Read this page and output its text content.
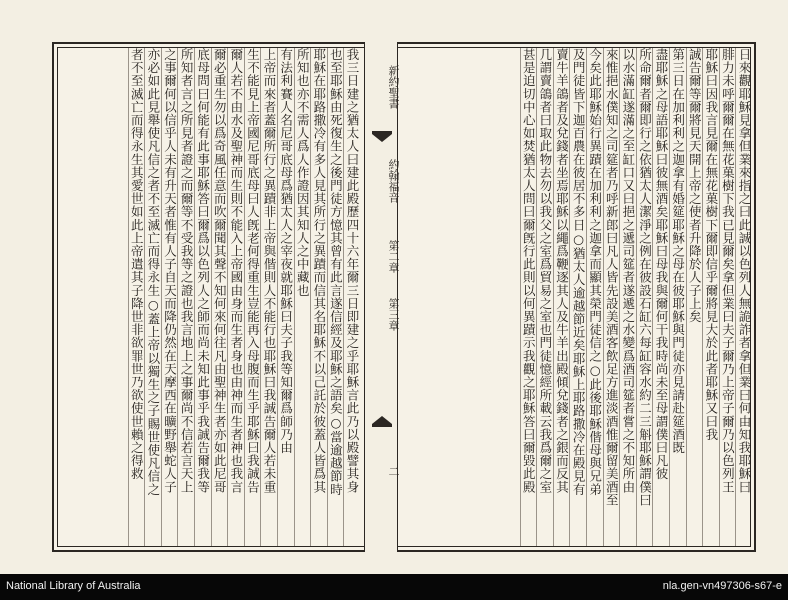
日來觀耶穌見拿但業來指之曰此誠以色列人無詭詐者拿但業曰何由知我耶穌曰
腓力未呼爾爾在無花菓樹下我已見爾矣拿但業曰夫子爾乃上帝子爾乃以色列王
耶穌曰因我言見爾在無花菓樹下爾即信乎爾將見大於此者耶穌又曰我
誠告爾等爾將見天開上帝之使者升降於人子上矣
第三日在加利利之迦拿有婚筵耶穌之母在彼耶穌與門徒亦見請赴筵酒既
盡耶穌之母語耶穌曰彼無酒矣耶穌曰母我與爾何干我時尚未至母謂僕曰凡彼
所命爾者爾即行之依猶太人潔淨之例在彼設石缸六每缸容水約二三斛耶穌謂僕曰
以水滿缸遂滿之至缸口又曰挹之遞司筵者遂遞之水變爲酒司筵者嘗之不知所由
來惟挹水僕知之司筵者乃呼新郎曰凡人皆先設美酒客飲足方進淡酒惟爾留美酒至
今矣此耶穌始行異蹟在加利利之迦拿而顯其榮門徒信之○此後耶穌偕母與兄弟
及門徒皆下迦百農在彼居不多日○猶太人逾越節近矣耶穌上耶路撒冷在殿見有
賣牛羊鴿者及兌錢者坐焉耶穌以繩爲鞭逐其人及牛羊出殿傾兌錢者之銀而反其
几謂賣鴿者曰取此物去勿以我父之室爲貿易之室也門徒憶經所載云我爲爾之室
甚是迫切中心如焚猶太人問曰爾旣行此則以何異蹟示我觀之耶穌答曰爾毀此殿
新約聖書
約翰福音
第二章
第三章
二
我三日建之猶太人曰建此殿歷四十六年爾三日即建之乎耶穌言此乃以殿譬其身
也至耶穌由死復生之後門徒方憶其曾有此言遂信經及耶穌之語矣○當逾越節時
耶穌在耶路撒冷有多人見其所行之異蹟而信其名耶穌不以己託於彼蓋人皆爲其
所知也亦不需人爲人作證因其知人之中藏也
有法利賽人名尼哥底母爲猶太人之宰夜就耶穌曰夫子我等知爾爲師乃由
上帝而來者蓋爾所行之異蹟非上帝與偕則人不能行也耶穌曰我誠告爾人若未重
生不能見上帝國尼哥底母曰人旣老何得重生豈能再入母腹而生乎耶穌曰我誠告
爾人若不由水及聖神而生則不能入上帝國由身而生者身也由神而生者神也我言
爾必重生勿以爲奇風任意而吹爾聞其聲不知何來何往凡由聖神生者亦如此尼哥
底母問曰何能有此事耶穌答曰爾爲以色列人之師而尚未知此事乎我誠告爾我等
所知者言之所見者證之而爾等不受我等之證也我言地上之事爾尚不信若言天上
之事爾何以信乎人未有升天者惟有人子自天而降仍然在天摩西在曠野舉蛇人子
亦必如此見舉使凡信之者不至滅亡而得永生○蓋上帝以獨生之子賜世使凡信之
者不至滅亡而得永生其愛世如此上帝遣其子降世非欲罪世乃欲使世賴之得救
National Library of Australia	nla.gen-vn497306-s67-e
